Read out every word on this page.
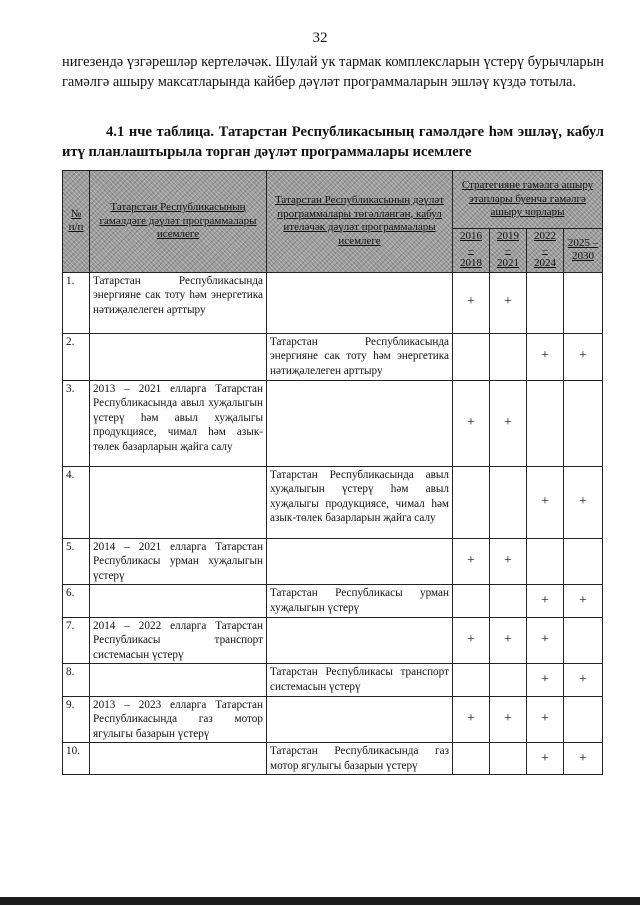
32
нигезендә үзгәрешләр кертеләчәк. Шулай ук тармак комплексларын үстерү бурычларын гамәлгә ашыру максатларында кайбер дәүләт программаларын эшләү күздә тотыла.
4.1 нче таблица. Татарстан Республикасының гамәлдәге һәм эшләү, кабул итү планлаштырыла торган дәүләт программалары исемлеге
№ п/п	Татарстан Республикасының гамәлдәге дәүләт программалары исемлеге	Татарстан Республикасының дәүләт программалары төгәлләнгән, кабул ителәчәк дәүләт программалары исемлеге	Стратегияне гамәлгә ашыру этаплары буенча гамәлгә ашыру чорлары			
			2016 – 2018	2019 – 2021	2022 – 2024	2025 – 2030
1.	Татарстан Республикасында энергияне сак тоту һәм энергетика нәтиҗәлелеген арттыру		+	+		
2.		Татарстан Республикасында энергияне сак тоту һәм энергетика нәтиҗәлелеген арттыру			+	+
3.	2013 – 2021 елларга Татарстан Республикасында авыл хуҗалыгын үстерү һәм авыл хуҗалыгы продукциясе, чимал һәм азык-төлек базарларын җайга салу		+	+		
4.		Татарстан Республикасында авыл хуҗалыгын үстерү һәм авыл хуҗалыгы продукциясе, чимал һәм азык-төлек базарларын җайга салу			+	+
5.	2014 – 2021 елларга Татарстан Республикасы урман хуҗалыгын үстерү		+	+		
6.		Татарстан Республикасы урман хуҗалыгын үстерү			+	+
7.	2014 – 2022 елларга Татарстан Республикасы транспорт системасын үстерү		+	+	+	
8.		Татарстан Республикасы транспорт системасын үстерү			+	+
9.	2013 – 2023 елларга Татарстан Республикасында газ мотор ягулыгы базарын үстерү		+	+	+	
10.		Татарстан Республикасында газ мотор ягулыгы базарын үстерү			+	+
